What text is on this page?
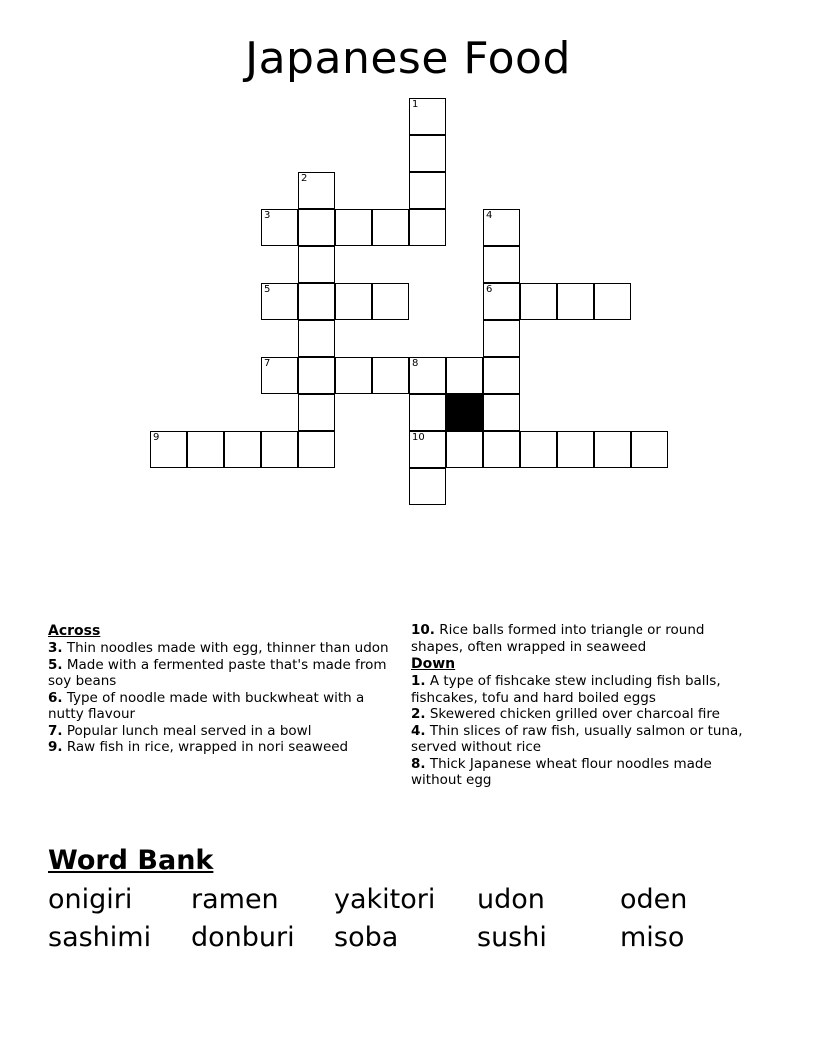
Japanese Food
1
2
3	4
5	6
7	8
9	10
Across
3. Thin noodles made with egg, thinner than udon
5. Made with a fermented paste that's made from soy beans
6. Type of noodle made with buckwheat with a nutty flavour
7. Popular lunch meal served in a bowl
9. Raw fish in rice, wrapped in nori seaweed
10. Rice balls formed into triangle or round shapes, often wrapped in seaweed
Down
1. A type of fishcake stew including fish balls, fishcakes, tofu and hard boiled eggs
2. Skewered chicken grilled over charcoal fire
4. Thin slices of raw fish, usually salmon or tuna, served without rice
8. Thick Japanese wheat flour noodles made without egg
Word Bank
onigiri	ramen	yakitori	udon	oden
sashimi	donburi	soba	sushi	miso
